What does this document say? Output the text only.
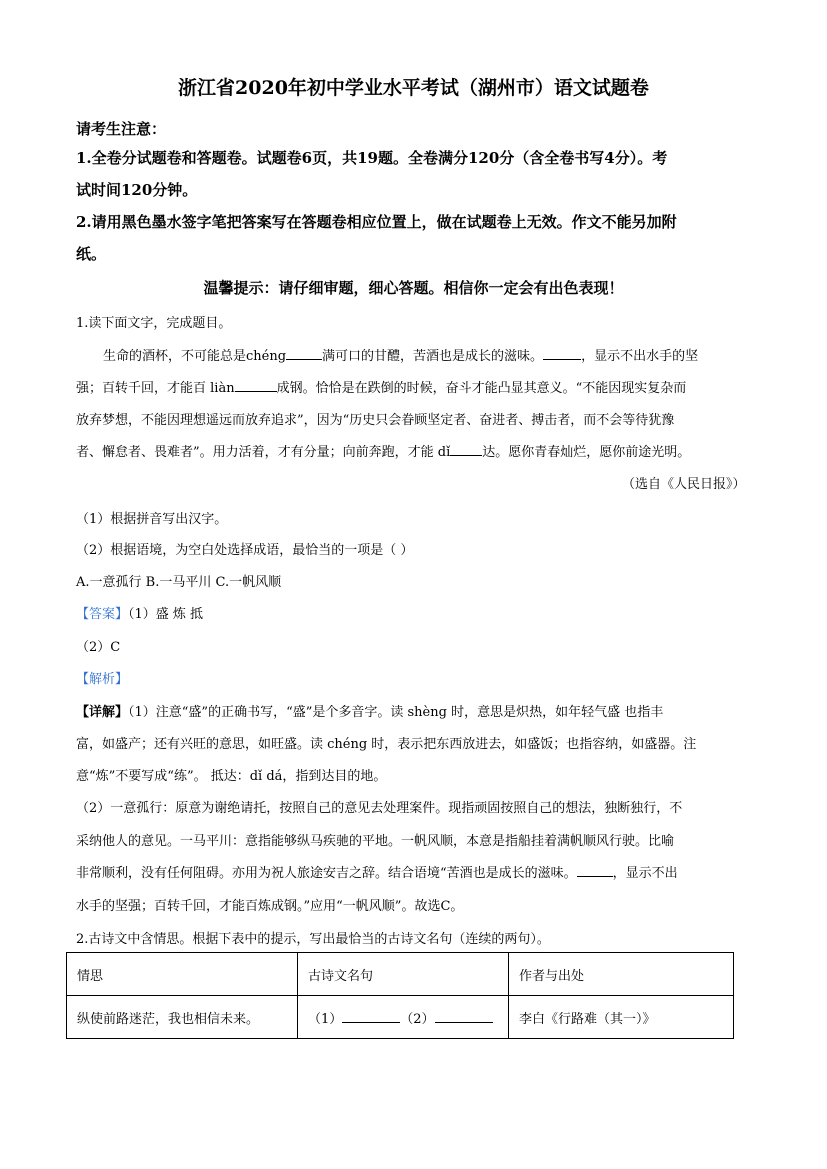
浙江省2020年初中学业水平考试（湖州市）语文试题卷
请考生注意：
1.全卷分试题卷和答题卷。试题卷6页，共19题。全卷满分120分（含全卷书写4分）。考
试时间120分钟。
2.请用黑色墨水签字笔把答案写在答题卷相应位置上，做在试题卷上无效。作文不能另加附
纸。
温馨提示：请仔细审题，细心答题。相信你一定会有出色表现！
1.读下面文字，完成题目。
生命的酒杯，不可能总是chéng	满可口的甘醴，苦酒也是成长的滋味。	，显示不出水手的坚
强；百转千回，才能百 liàn	成钢。恰恰是在跌倒的时候，奋斗才能凸显其意义。“不能因现实复杂而
放弃梦想，不能因理想遥远而放弃追求”，因为“历史只会眷顾坚定者、奋进者、搏击者，而不会等待犹豫
者、懈怠者、畏难者”。用力活着，才有分量；向前奔跑，才能 dǐ 达。愿你青春灿烂，愿你前途光明。
（选自《人民日报》）
（1）根据拼音写出汉字。
（2）根据语境，为空白处选择成语，最恰当的一项是（ ）
A.一意孤行 B.一马平川 C.一帆风顺
【答案】（1）盛 炼 抵
（2）C
【解析】
【详解】（1）注意“盛”的正确书写，“盛”是个多音字。读 shèng 时，意思是炽热，如年轻气盛 也指丰
富，如盛产；还有兴旺的意思，如旺盛。读 chéng 时，表示把东西放进去，如盛饭；也指容纳，如盛器。注
意“炼”不要写成“练”。 抵达：dǐ dá，指到达目的地。
（2）一意孤行：原意为谢绝请托，按照自己的意见去处理案件。现指顽固按照自己的想法，独断独行，不
采纳他人的意见。一马平川：意指能够纵马疾驰的平地。一帆风顺，本意是指船挂着满帆顺风行驶。比喻
非常顺利，没有任何阻碍。亦用为祝人旅途安吉之辞。结合语境“苦酒也是成长的滋味。	，显示不出
水手的坚强；百转千回，才能百炼成钢。”应用“一帆风顺”。故选C。
2.古诗文中含情思。根据下表中的提示，写出最恰当的古诗文名句（连续的两句）。
情思	古诗文名句	作者与出处
纵使前路迷茫，我也相信未来。	（1） （2）	李白《行路难（其一）》
